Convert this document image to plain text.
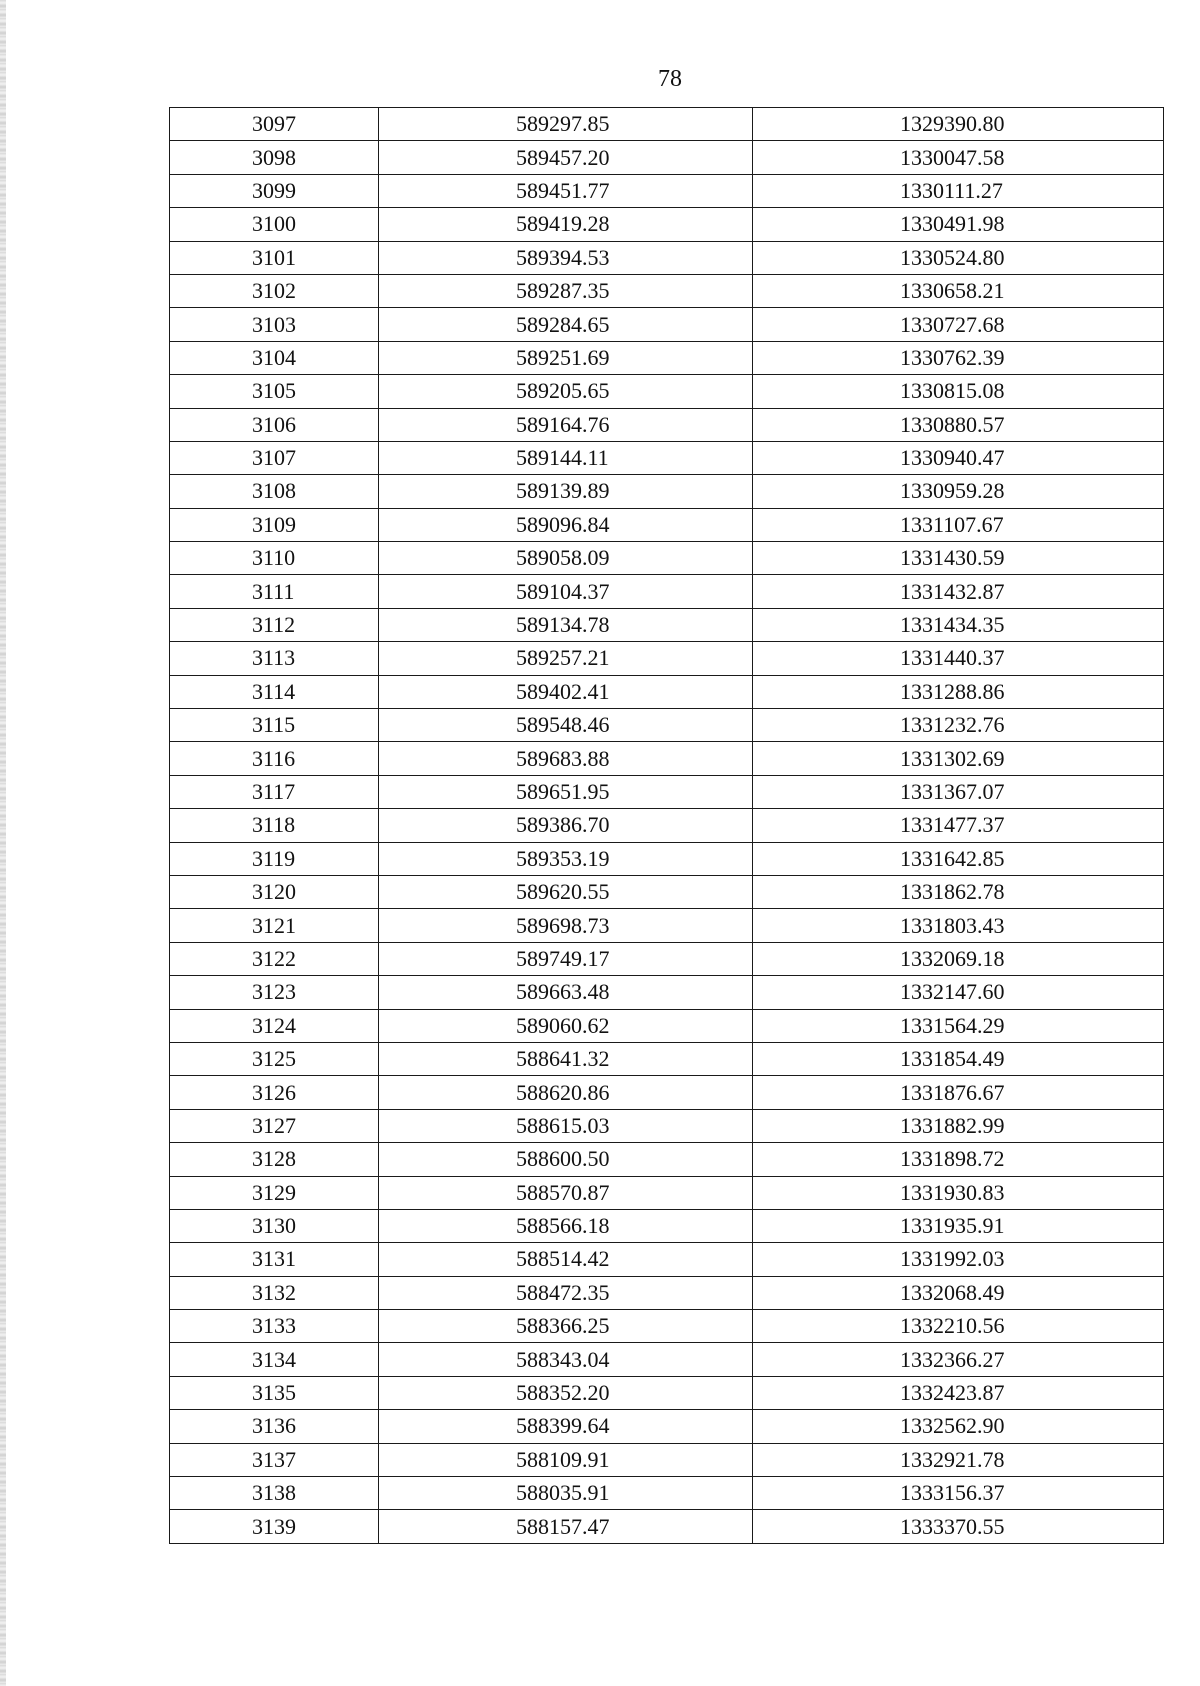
78
3097	589297.85	1329390.80
3098	589457.20	1330047.58
3099	589451.77	1330111.27
3100	589419.28	1330491.98
3101	589394.53	1330524.80
3102	589287.35	1330658.21
3103	589284.65	1330727.68
3104	589251.69	1330762.39
3105	589205.65	1330815.08
3106	589164.76	1330880.57
3107	589144.11	1330940.47
3108	589139.89	1330959.28
3109	589096.84	1331107.67
3110	589058.09	1331430.59
3111	589104.37	1331432.87
3112	589134.78	1331434.35
3113	589257.21	1331440.37
3114	589402.41	1331288.86
3115	589548.46	1331232.76
3116	589683.88	1331302.69
3117	589651.95	1331367.07
3118	589386.70	1331477.37
3119	589353.19	1331642.85
3120	589620.55	1331862.78
3121	589698.73	1331803.43
3122	589749.17	1332069.18
3123	589663.48	1332147.60
3124	589060.62	1331564.29
3125	588641.32	1331854.49
3126	588620.86	1331876.67
3127	588615.03	1331882.99
3128	588600.50	1331898.72
3129	588570.87	1331930.83
3130	588566.18	1331935.91
3131	588514.42	1331992.03
3132	588472.35	1332068.49
3133	588366.25	1332210.56
3134	588343.04	1332366.27
3135	588352.20	1332423.87
3136	588399.64	1332562.90
3137	588109.91	1332921.78
3138	588035.91	1333156.37
3139	588157.47	1333370.55
